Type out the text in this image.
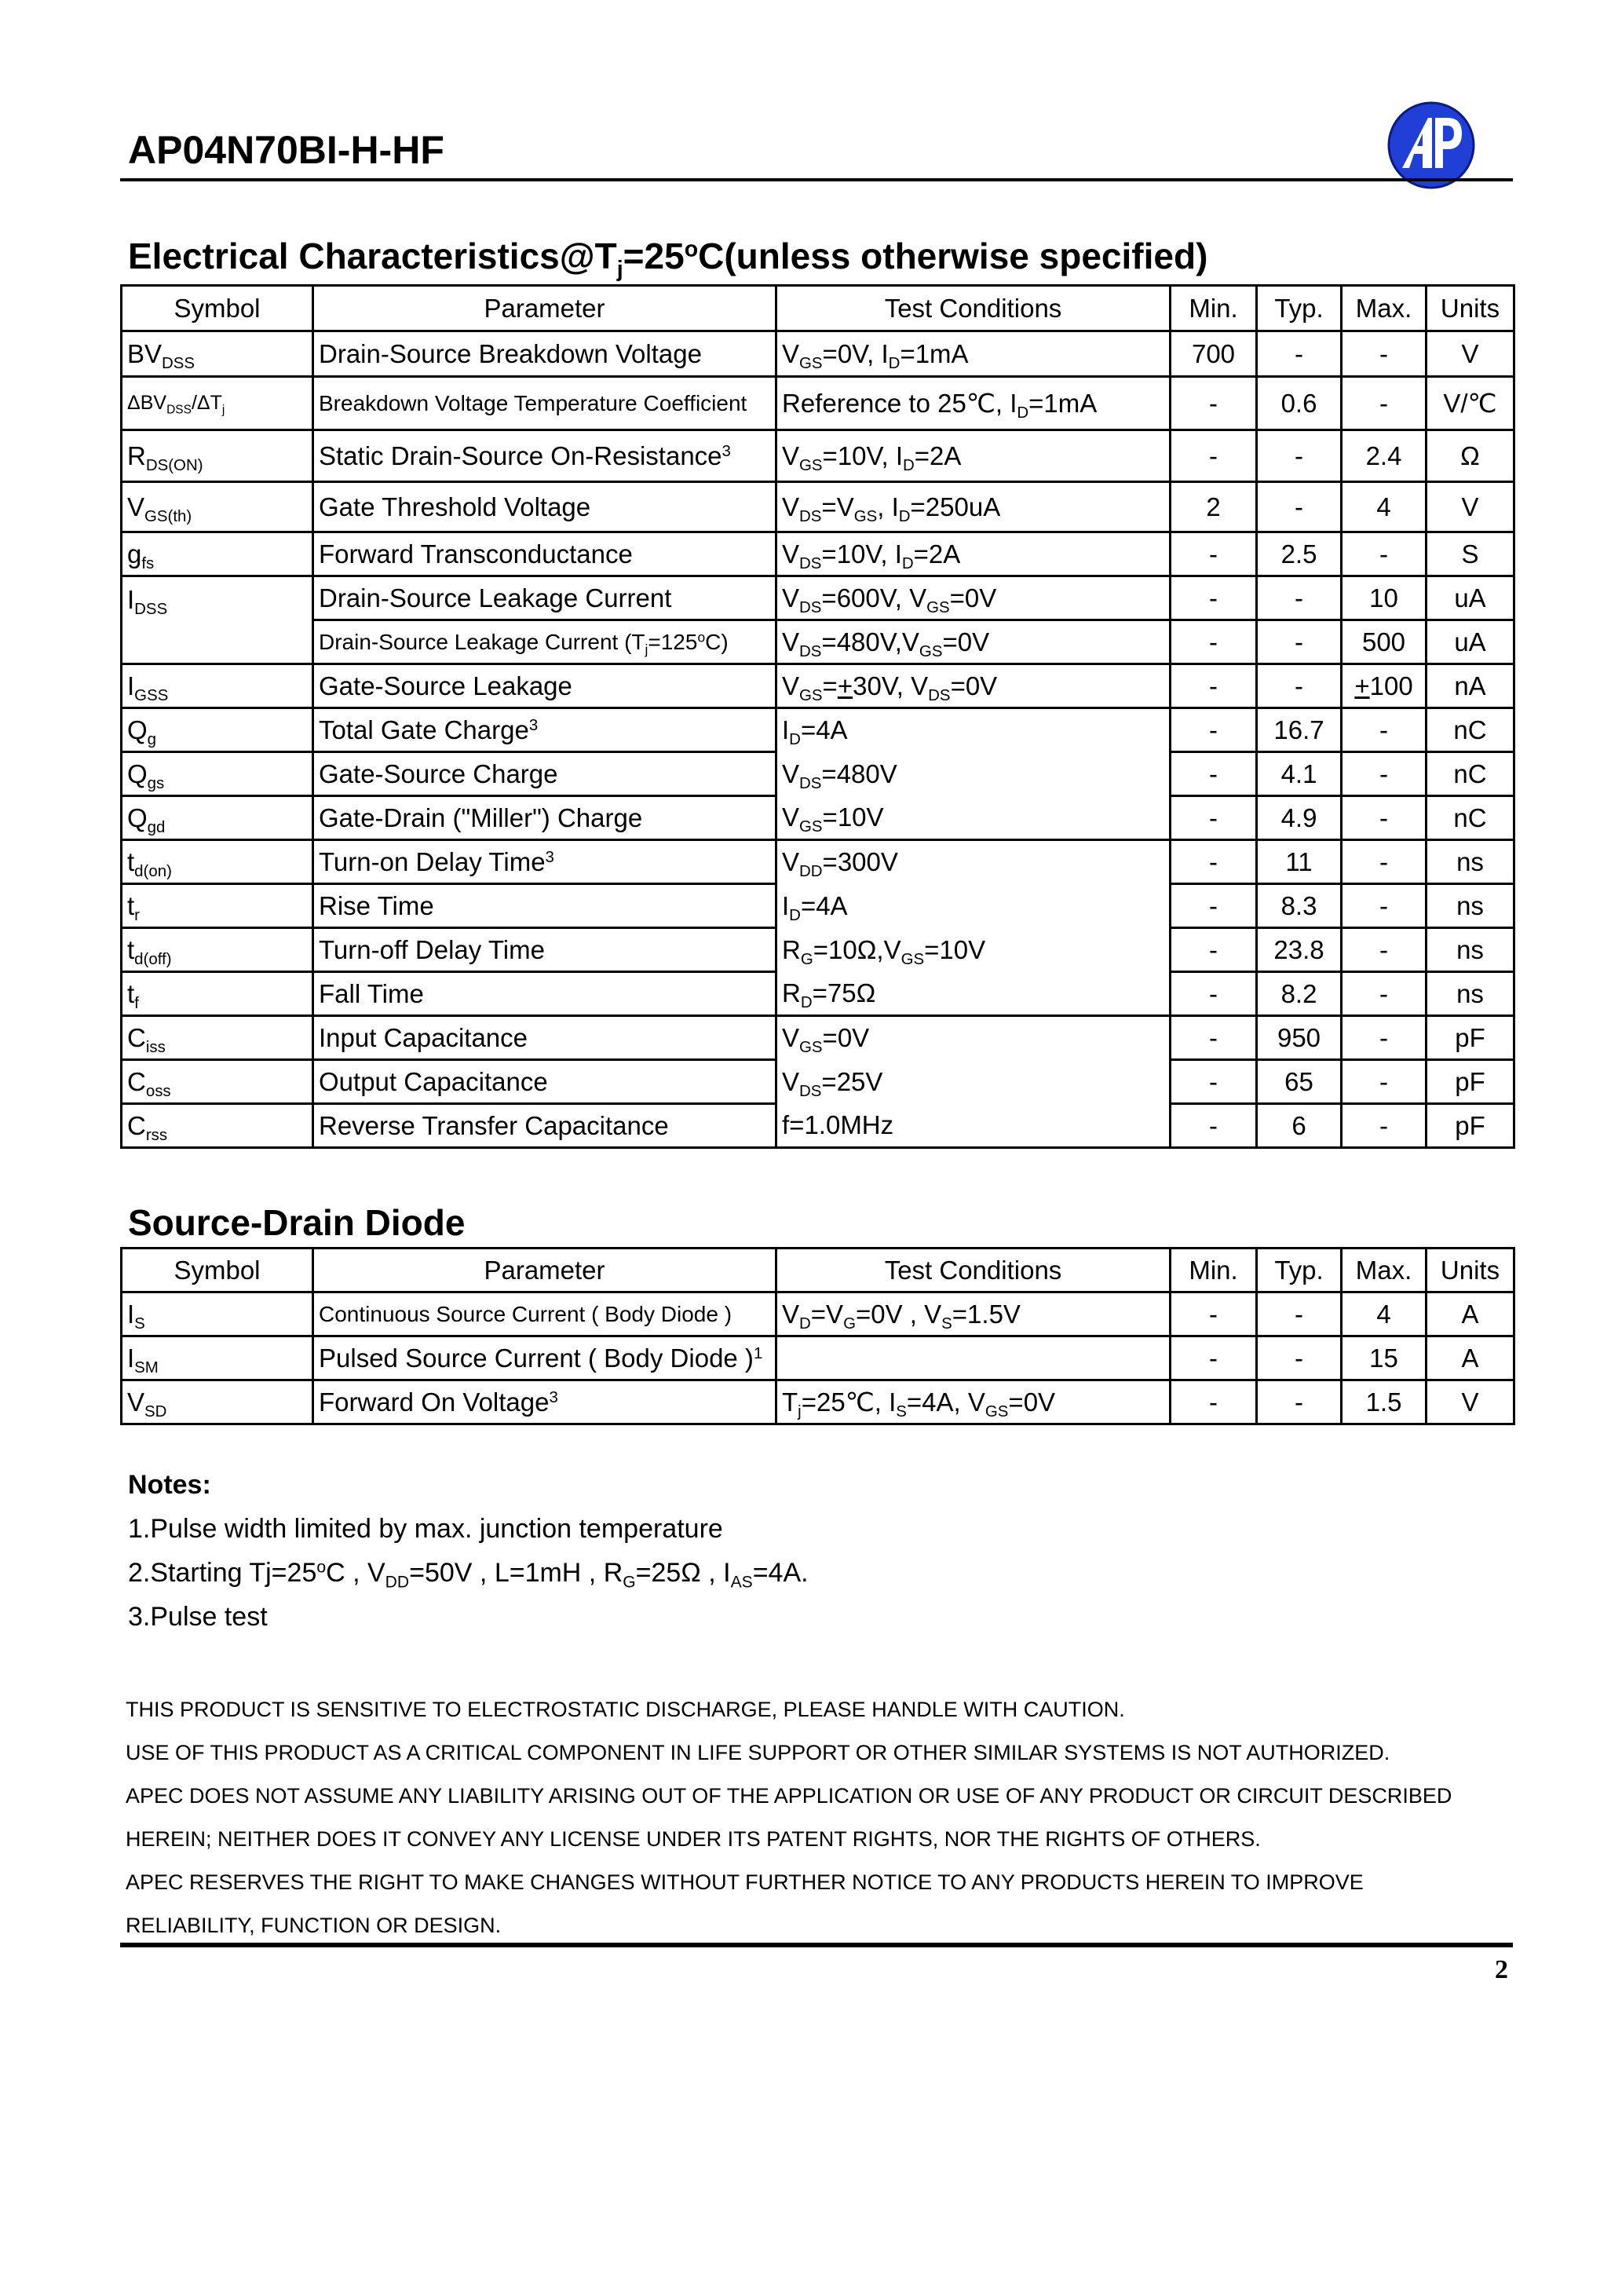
AP04N70BI-H-HF
Electrical $Characteristics@T_j=25^oC(unless$ otherwise specified)
Symbol	Parameter	Test Conditions	Min.	Typ.	Max.	Units
$BV_{DSS}$	Drain-Source Breakdown Voltage	$V_{GS}=0V$, $I_D=1mA$	700	-	-	V
$\Delta BV_{DSS}/\Delta T_j$	Breakdown Voltage Temperature Coefficient	Reference to 25℃, $I_D=1mA$	-	0.6	-	V/℃
$R_{DS(ON)}$	Static Drain-Source On-Resistance$^3$	$V_{GS}=10V$, $I_D=2A$	-	-	2.4	Ω
$V_{GS(th)}$	Gate Threshold Voltage	$V_{DS}=V_{GS}$, $I_D=250uA$	2	-	4	V
$g_{fs}$	Forward Transconductance	$V_{DS}=10V$, $I_D=2A$	-	2.5	-	S
$I_{DSS}$	Drain-Source Leakage Current	$V_{DS}=600V$, $V_{GS}=0V$	-	-	10	uA
	Drain-Source Leakage Current $(T_j=125^oC)$	$V_{DS}=480V,V_{GS}=0V$	-	-	500	uA
$I_{GSS}$	Gate-Source Leakage	$V_{GS}=+30V$, $V_{DS}=0V$	-	-	+100	nA
$Q_g$	Total Gate Charge$^3$	$I_D=4A$	-	16.7	-	nC
$Q_{gs}$	Gate-Source Charge	$V_{DS}=480V$	-	4.1	-	nC
$Q_{gd}$	Gate-Drain ("Miller") Charge	$V_{GS}=10V$	-	4.9	-	nC
$t_{d(on)}$	Turn-on Delay Time$^3$	$V_{DD}=300V$	-	11	-	ns
$t_r$	Rise Time	$I_D=4A$	-	8.3	-	ns
$t_{d(off)}$	Turn-off Delay Time	$R_G=10\Omega,V_{GS}=10V$	-	23.8	-	ns
$t_f$	Fall Time	$R_D=75\Omega$	-	8.2	-	ns
$C_{iss}$	Input Capacitance	$V_{GS}=0V$	-	950	-	pF
$C_{oss}$	Output Capacitance	$V_{DS}=25V$	-	65	-	pF
$C_{rss}$	Reverse Transfer Capacitance	f=1.0MHz	-	6	-	pF
Source-Drain Diode
Symbol	Parameter	Test Conditions	Min.	Typ.	Max.	Units
$I_S$	Continuous Source Current ( Body Diode )	$V_D=V_G=0V$ , $V_S=1.5V$	-	-	4	A
$I_{SM}$	Pulsed Source Current ( Body Diode )$^1$		-	-	15	A
$V_{SD}$	Forward On Voltage$^3$	$T_j=25℃$, $I_S=4A$, $V_{GS}=0V$	-	-	1.5	V
Notes:
1.Pulse width limited by max. junction temperature
2.Starting $Tj=25^oC$ , $V_{DD}=50V$ , L=1mH , $R_G=25\Omega$ , $I_{AS}=4A$.
3.Pulse test
THIS PRODUCT IS SENSITIVE TO ELECTROSTATIC DISCHARGE, PLEASE HANDLE WITH CAUTION.
USE OF THIS PRODUCT AS A CRITICAL COMPONENT IN LIFE SUPPORT OR OTHER SIMILAR SYSTEMS IS NOT AUTHORIZED.
APEC DOES NOT ASSUME ANY LIABILITY ARISING OUT OF THE APPLICATION OR USE OF ANY PRODUCT OR CIRCUIT DESCRIBED
HEREIN; NEITHER DOES IT CONVEY ANY LICENSE UNDER ITS PATENT RIGHTS, NOR THE RIGHTS OF OTHERS.
APEC RESERVES THE RIGHT TO MAKE CHANGES WITHOUT FURTHER NOTICE TO ANY PRODUCTS HEREIN TO IMPROVE
RELIABILITY, FUNCTION OR DESIGN.
2
